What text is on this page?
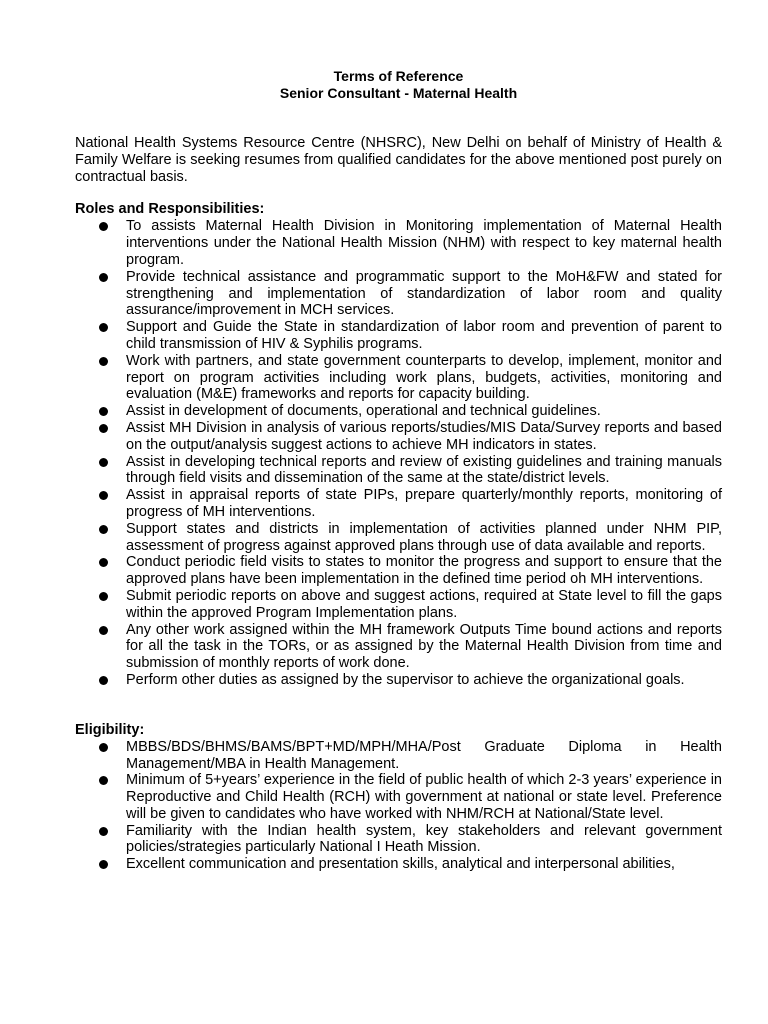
Terms of Reference
Senior Consultant - Maternal Health

National Health Systems Resource Centre (NHSRC), New Delhi on behalf of Ministry of Health & Family Welfare is seeking resumes from qualified candidates for the above mentioned post purely on contractual basis.

Roles and Responsibilities:
To assists Maternal Health Division in Monitoring implementation of Maternal Health interventions under the National Health Mission (NHM) with respect to key maternal health program.
Provide technical assistance and programmatic support to the MoH&FW and stated for strengthening and implementation of standardization of labor room and quality assurance/improvement in MCH services.
Support and Guide the State in standardization of labor room and prevention of parent to child transmission of HIV & Syphilis programs.
Work with partners, and state government counterparts to develop, implement, monitor and report on program activities including work plans, budgets, activities, monitoring and evaluation (M&E) frameworks and reports for capacity building.
Assist in development of documents, operational and technical guidelines.
Assist MH Division in analysis of various reports/studies/MIS Data/Survey reports and based on the output/analysis suggest actions to achieve MH indicators in states.
Assist in developing technical reports and review of existing guidelines and training manuals through field visits and dissemination of the same at the state/district levels.
Assist in appraisal reports of state PIPs, prepare quarterly/monthly reports, monitoring of progress of MH interventions.
Support states and districts in implementation of activities planned under NHM PIP, assessment of progress against approved plans through use of data available and reports.
Conduct periodic field visits to states to monitor the progress and support to ensure that the approved plans have been implementation in the defined time period oh MH interventions.
Submit periodic reports on above and suggest actions, required at State level to fill the gaps within the approved Program Implementation plans.
Any other work assigned within the MH framework Outputs Time bound actions and reports for all the task in the TORs, or as assigned by the Maternal Health Division from time and submission of monthly reports of work done.
Perform other duties as assigned by the supervisor to achieve the organizational goals.
Eligibility:
MBBS/BDS/BHMS/BAMS/BPT+MD/MPH/MHA/Post Graduate Diploma in Health Management/MBA in Health Management.
Minimum of 5+years’ experience in the field of public health of which 2-3 years’ experience in Reproductive and Child Health (RCH) with government at national or state level. Preference will be given to candidates who have worked with NHM/RCH at National/State level.
Familiarity with the Indian health system, key stakeholders and relevant government policies/strategies particularly National I Heath Mission.
Excellent communication and presentation skills, analytical and interpersonal abilities,
